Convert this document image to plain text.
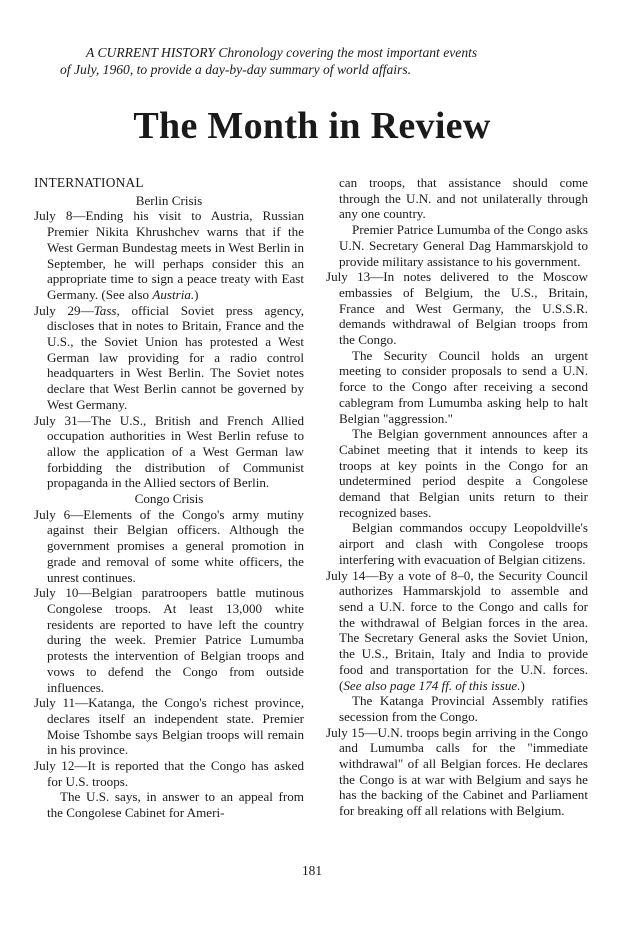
A CURRENT HISTORY Chronology covering the most important events
of July, 1960, to provide a day-by-day summary of world affairs.
The Month in Review

INTERNATIONAL

Berlin Crisis

July 8—Ending his visit to Austria, Russian Premier Nikita Khrushchev warns that if the West German Bundestag meets in West Berlin in September, he will perhaps consider this an appropriate time to sign a peace treaty with East Germany. (See also Austria.)

July 29—Tass, official Soviet press agency, discloses that in notes to Britain, France and the U.S., the Soviet Union has protested a West German law providing for a radio control headquarters in West Berlin. The Soviet notes declare that West Berlin cannot be governed by West Germany.

July 31—The U.S., British and French Allied occupation authorities in West Berlin refuse to allow the application of a West German law forbidding the distribution of Communist propaganda in the Allied sectors of Berlin.

Congo Crisis

July 6—Elements of the Congo's army mutiny against their Belgian officers. Although the government promises a general promotion in grade and removal of some white officers, the unrest continues.

July 10—Belgian paratroopers battle mutinous Congolese troops. At least 13,000 white residents are reported to have left the country during the week. Premier Patrice Lumumba protests the intervention of Belgian troops and vows to defend the Congo from outside influences.

July 11—Katanga, the Congo's richest province, declares itself an independent state. Premier Moise Tshombe says Belgian troops will remain in his province.

July 12—It is reported that the Congo has asked for U.S. troops.

The U.S. says, in answer to an appeal from the Congolese Cabinet for Ameri-

can troops, that assistance should come through the U.N. and not unilaterally through any one country.

Premier Patrice Lumumba of the Congo asks U.N. Secretary General Dag Hammarskjold to provide military assistance to his government.

July 13—In notes delivered to the Moscow embassies of Belgium, the U.S., Britain, France and West Germany, the U.S.S.R. demands withdrawal of Belgian troops from the Congo.

The Security Council holds an urgent meeting to consider proposals to send a U.N. force to the Congo after receiving a second cablegram from Lumumba asking help to halt Belgian "aggression."

The Belgian government announces after a Cabinet meeting that it intends to keep its troops at key points in the Congo for an undetermined period despite a Congolese demand that Belgian units return to their recognized bases.

Belgian commandos occupy Leopoldville's airport and clash with Congolese troops interfering with evacuation of Belgian citizens.

July 14—By a vote of 8–0, the Security Council authorizes Hammarskjold to assemble and send a U.N. force to the Congo and calls for the withdrawal of Belgian forces in the area. The Secretary General asks the Soviet Union, the U.S., Britain, Italy and India to provide food and transportation for the U.N. forces. (See also page 174 ff. of this issue.)

The Katanga Provincial Assembly ratifies secession from the Congo.

July 15—U.N. troops begin arriving in the Congo and Lumumba calls for the "immediate withdrawal" of all Belgian forces. He declares the Congo is at war with Belgium and says he has the backing of the Cabinet and Parliament for breaking off all relations with Belgium.

181
